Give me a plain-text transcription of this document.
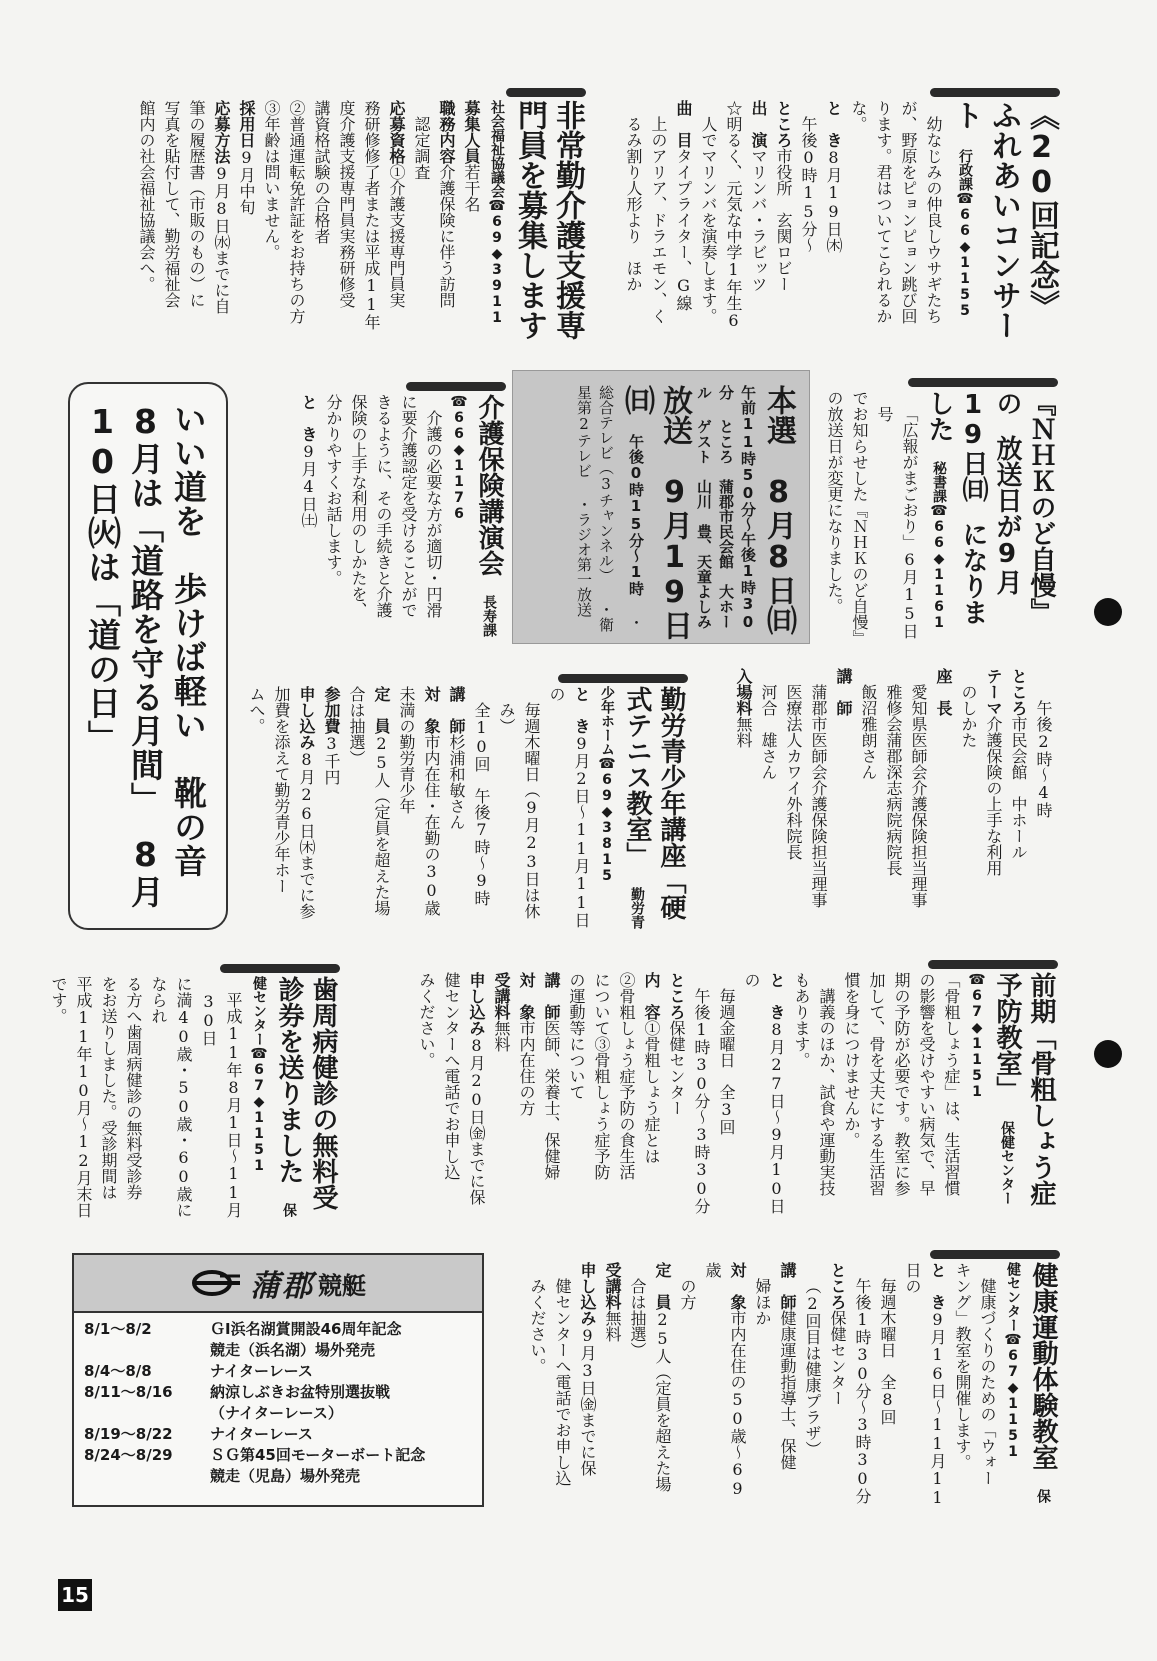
《20回記念》ふれあいコンサート 行政課☎66◆1155

幼なじみの仲良しウサギたち

が、野原をピョンピョン跳び回

ります。君はついてこられるかな。

と　き8月19日㈭

午後0時15分～

ところ市役所　玄関ロビー

出　演マリンバ・ラビッツ

☆明るく、元気な中学1年生6

人でマリンバを演奏します。

曲　目タイプライター、G線

上のアリア、ドラエモン、く

るみ割り人形より　ほか

非常勤介護支援専門員を募集します 社会福祉協議会☎69◆3911

募集人員若干名

職務内容介護保険に伴う訪問

認定調査

応募資格①介護支援専門員実

務研修修了者または平成11年

度介護支援専門員実務研修受

講資格試験の合格者

②普通運転免許証をお持ちの方

③年齢は問いません。

採用日9月中旬

応募方法9月8日㈬までに自

筆の履歴書（市販のもの）に

写真を貼付して、勤労福祉会

館内の社会福祉協議会へ。

『ＮＨＫのど自慢』の 放送日が9月19日㈰ になりました 秘書課☎66◆1161

「広報がまごおり」6月15日号

でお知らせした『ＮＨＫのど自慢』

の放送日が変更になりました。

本選　8月8日㈰ 午前11時50分～午後1時30分 ところ　蒲郡市民会館　大ホール ゲスト　山川　豊、天童よしみ 放送　9月19日㈰ 午後0時15分～1時 ・総合テレビ（3チャンネル） ・衛星第2テレビ ・ラジオ第一放送
介護保険講演会 長寿課☎66◆1176

介護の必要な方が適切・円滑

に要介護認定を受けることがで

きるように、その手続きと介護

保険の上手な利用のしかたを、

分かりやすくお話します。

と　き9月4日㈯

午後2時～4時

ところ市民会館　中ホール

テーマ介護保険の上手な利用

のしかた

座　長

愛知県医師会介護保険担当理事

雅修会蒲郡深志病院病院長

飯沼雅朗さん

講　師

蒲郡市医師会介護保険担当理事

医療法人カワイ外科院長

河合　雄さん

入場料無料

勤労青少年講座「硬式テニス教室」 勤労青少年ホーム☎69◆3815

と　き9月2日～11月11日の

毎週木曜日（9月23日は休み）

全10回　午後7時～9時

講　師杉浦和敏さん

対　象市内在住・在勤の30歳

未満の勤労青少年

定　員25人（定員を超えた場

合は抽選）

参加費3千円

申し込み8月26日㈭までに参

加費を添えて勤労青少年ホー

ムへ。

いい道を　歩けば軽い　靴の音 8月は「道路を守る月間」 8月10日㈫は「道の日」
前期「骨粗しょう症予防教室」 保健センター☎67◆1151

「骨粗しょう症」は、生活習慣

の影響を受けやすい病気で、早

期の予防が必要です。教室に参

加して、骨を丈夫にする生活習

慣を身につけませんか。

講義のほか、試食や運動実技

もあります。

と　き8月27日～9月10日の

毎週金曜日　全3回

午後1時30分～3時30分

ところ保健センター

内　容①骨粗しょう症とは

②骨粗しょう症予防の食生活

について③骨粗しょう症予防

の運動等について

講　師医師、栄養士、保健婦

対　象市内在住の方

受講料無料

申し込み8月20日㈮までに保

健センターへ電話でお申し込

みください。

歯周病健診の無料受診券を送りました 保健センター☎67◆1151

平成11年8月1日～11月30日

に満40歳・50歳・60歳になられ

る方へ歯周病健診の無料受診券

をお送りしました。受診期間は

平成11年10月～12月末日です。

健康運動体験教室 保健センター☎67◆1151

健康づくりのための「ウォー

キング」教室を開催します。

と　き9月16日～11月11日の

毎週木曜日　全8回

午後1時30分～3時30分

ところ保健センター

（2回目は健康プラザ）

講　師健康運動指導士、保健

婦ほか

対　象市内在住の50歳～69歳

の方

定　員25人（定員を超えた場

合は抽選）

受講料無料

申し込み9月3日㈮までに保

健センターへ電話でお申し込

みください。

蒲郡 競艇
8/1～8/2	ＧⅠ浜名湖賞開設46周年記念
競走（浜名湖）場外発売
8/4～8/8	ナイターレース
8/11～8/16	納涼しぶきお盆特別選抜戦
（ナイターレース）
8/19～8/22	ナイターレース
8/24～8/29	ＳＧ第45回モーターボート記念
競走（児島）場外発売
15
